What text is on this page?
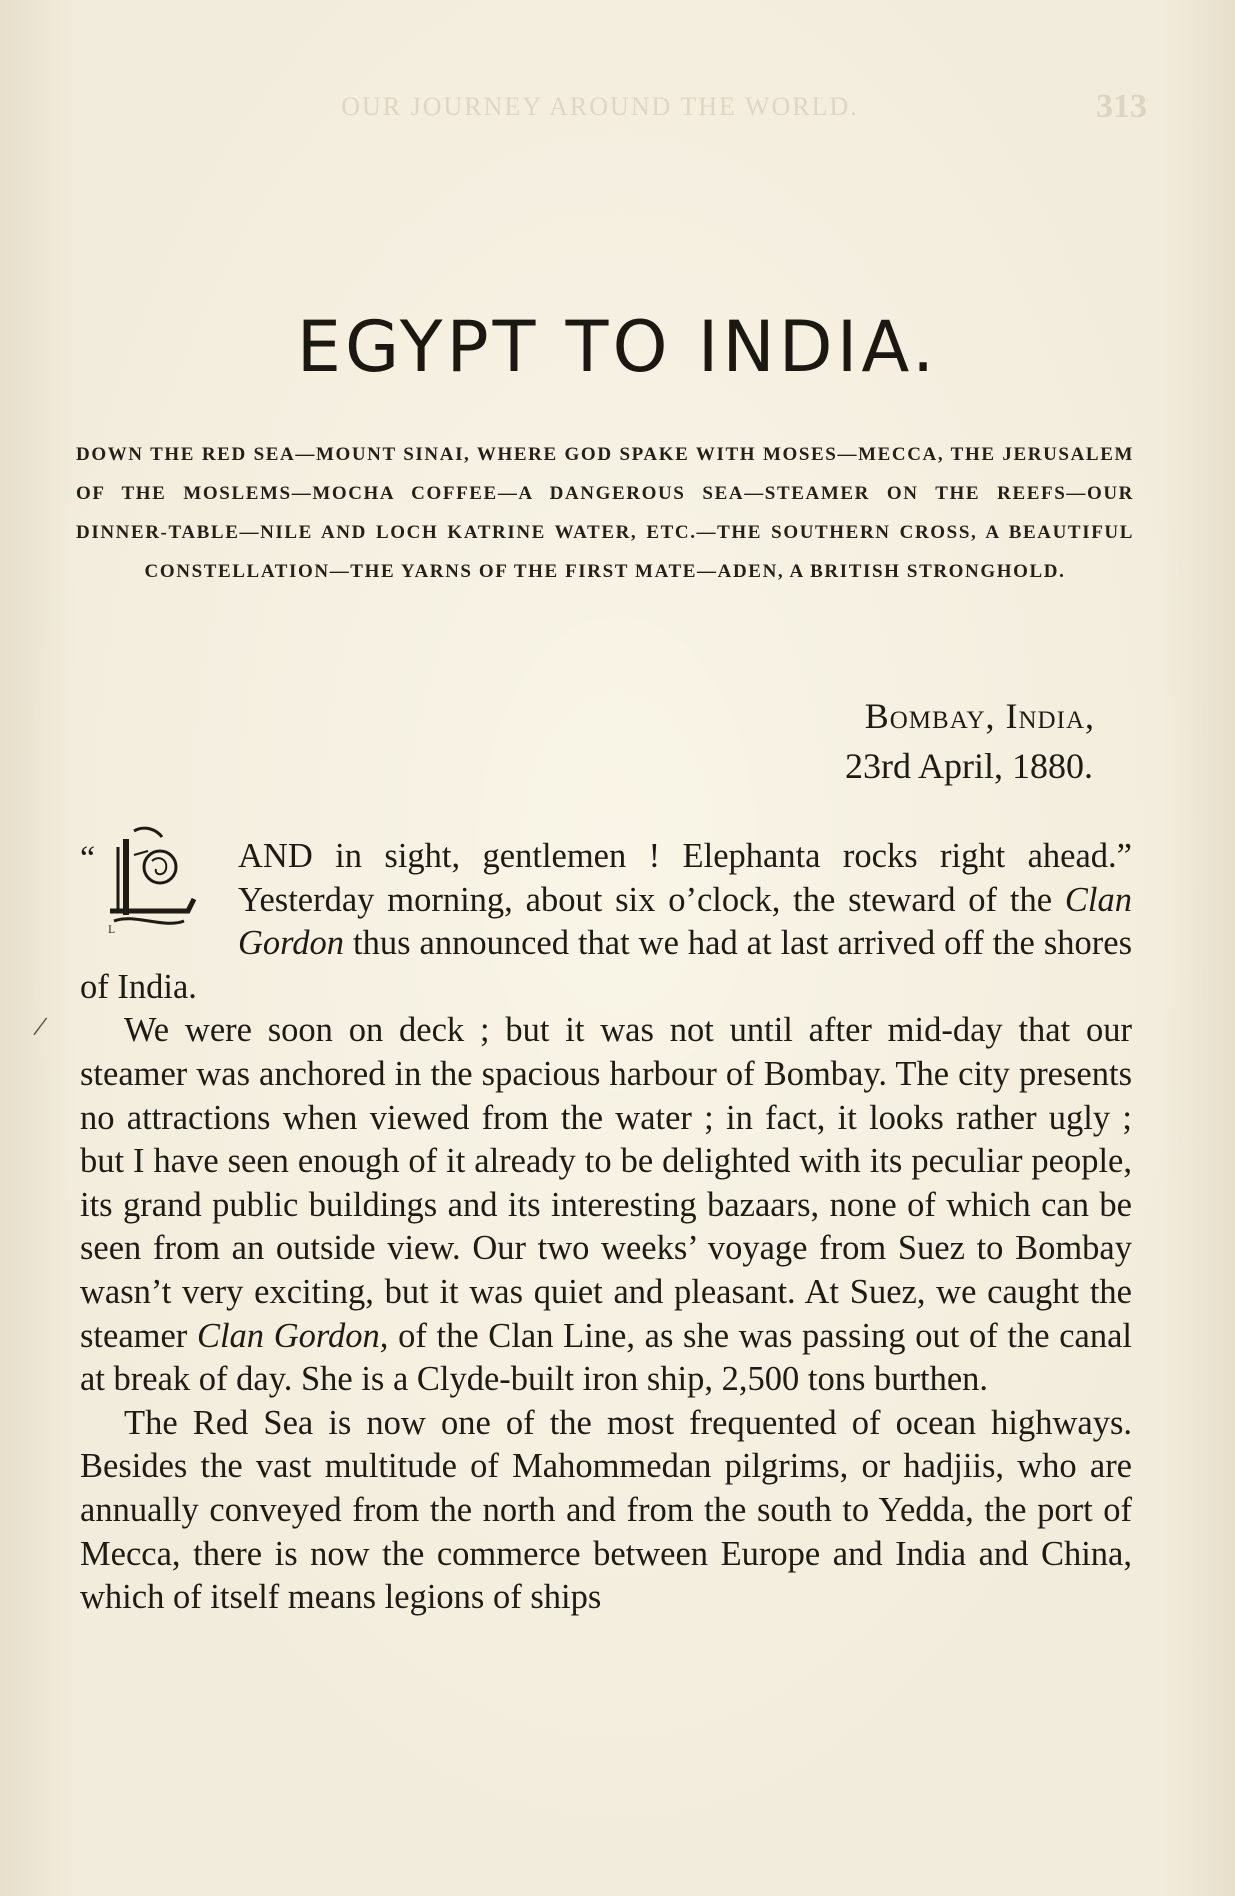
OUR JOURNEY AROUND THE WORLD.	313
EGYPT TO INDIA.
DOWN THE RED SEA—MOUNT SINAI, WHERE GOD SPAKE WITH MOSES—MECCA, THE JERUSALEM OF THE MOSLEMS—MOCHA COFFEE—A DANGEROUS SEA—STEAMER ON THE REEFS—OUR DINNER-TABLE—NILE AND LOCH KATRINE WATER, ETC.—THE SOUTHERN CROSS, A BEAUTIFUL CONSTELLATION—THE YARNS OF THE FIRST MATE—ADEN, A BRITISH STRONGHOLD.
Bombay, India,
23rd April, 1880.
/

“
L
AND in sight, gentlemen ! Elephanta rocks right ahead.” Yesterday morning, about six o’clock, the steward of the Clan Gordon thus announced that we had at last arrived off the shores of India.

We were soon on deck ; but it was not until after mid-day that our steamer was anchored in the spacious harbour of Bombay. The city presents no attractions when viewed from the water ; in fact, it looks rather ugly ; but I have seen enough of it already to be delighted with its peculiar people, its grand public buildings and its interesting bazaars, none of which can be seen from an outside view. Our two weeks’ voyage from Suez to Bombay wasn’t very exciting, but it was quiet and pleasant. At Suez, we caught the steamer Clan Gordon, of the Clan Line, as she was passing out of the canal at break of day. She is a Clyde-built iron ship, 2,500 tons burthen.

The Red Sea is now one of the most frequented of ocean highways. Besides the vast multitude of Mahommedan pilgrims, or hadjiis, who are annually conveyed from the north and from the south to Yedda, the port of Mecca, there is now the commerce between Europe and India and China, which of itself means legions of ships
